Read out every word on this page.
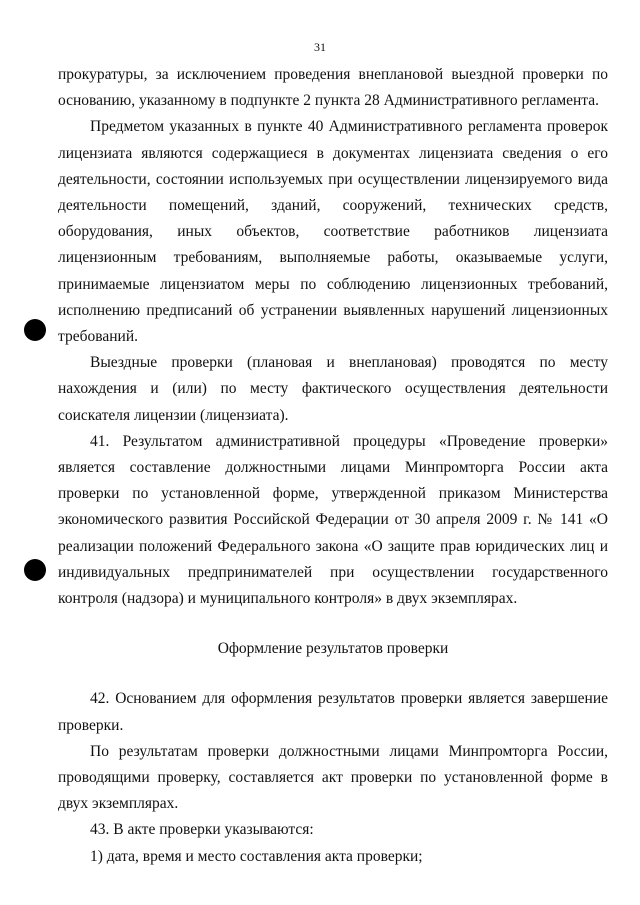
31

прокуратуры, за исключением проведения внеплановой выездной проверки по основанию, указанному в подпункте 2 пункта 28 Административного регламента.

Предметом указанных в пункте 40 Административного регламента проверок лицензиата являются содержащиеся в документах лицензиата сведения о его деятельности, состоянии используемых при осуществлении лицензируемого вида деятельности помещений, зданий, сооружений, технических средств, оборудования, иных объектов, соответствие работников лицензиата лицензионным требованиям, выполняемые работы, оказываемые услуги, принимаемые лицензиатом меры по соблюдению лицензионных требований, исполнению предписаний об устранении выявленных нарушений лицензионных требований.

Выездные проверки (плановая и внеплановая) проводятся по месту нахождения и (или) по месту фактического осуществления деятельности соискателя лицензии (лицензиата).

41. Результатом административной процедуры «Проведение проверки» является составление должностными лицами Минпромторга России акта проверки по установленной форме, утвержденной приказом Министерства экономического развития Российской Федерации от 30 апреля 2009 г. № 141 «О реализации положений Федерального закона «О защите прав юридических лиц и индивидуальных предпринимателей при осуществлении государственного контроля (надзора) и муниципального контроля» в двух экземплярах.

Оформление результатов проверки

42. Основанием для оформления результатов проверки является завершение проверки.

По результатам проверки должностными лицами Минпромторга России, проводящими проверку, составляется акт проверки по установленной форме в двух экземплярах.

43. В акте проверки указываются:

1) дата, время и место составления акта проверки;
